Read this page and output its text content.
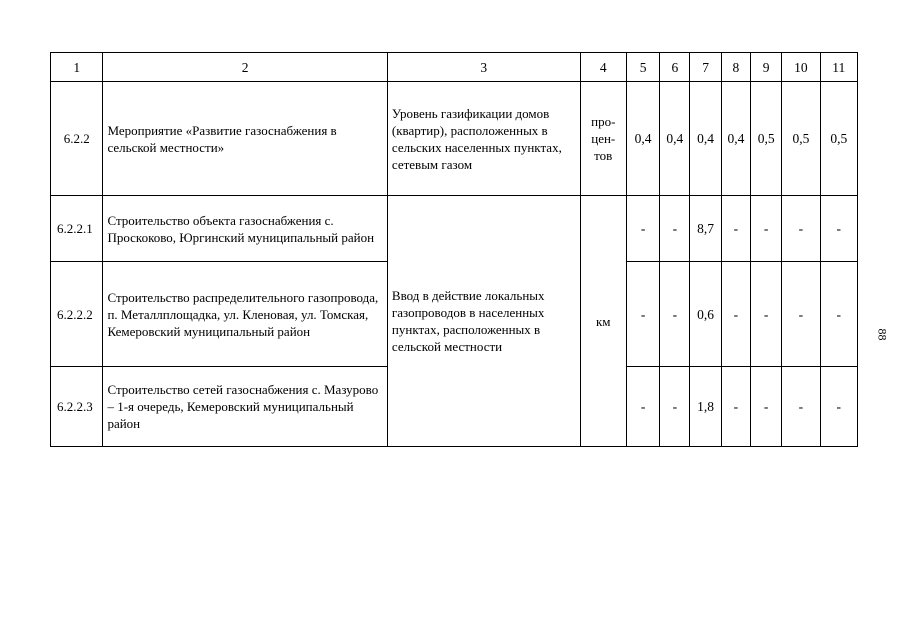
1	2	3	4	5	6	7	8	9	10	11
6.2.2	Мероприятие «Развитие газоснабжения в сельской местности»	Уровень газификации домов (квартир), расположенных в сельских населенных пунктах, сетевым газом	про-цен-тов	0,4	0,4	0,4	0,4	0,5	0,5	0,5
6.2.2.1	Строительство объекта газоснабжения с. Проскоково, Юргинский муниципальный район	Ввод в действие локальных газопроводов в населенных пунктах, расположенных в сельской местности	км	-	-	8,7	-	-	-	-
6.2.2.2	Строительство распределительного газопровода, п. Металлплощадка, ул. Кленовая, ул. Томская, Кемеровский муниципальный район			-	-	0,6	-	-	-	-
6.2.2.3	Строительство сетей газоснабжения с. Мазурово – 1-я очередь, Кемеровский муниципальный район			-	-	1,8	-	-	-	-
88
